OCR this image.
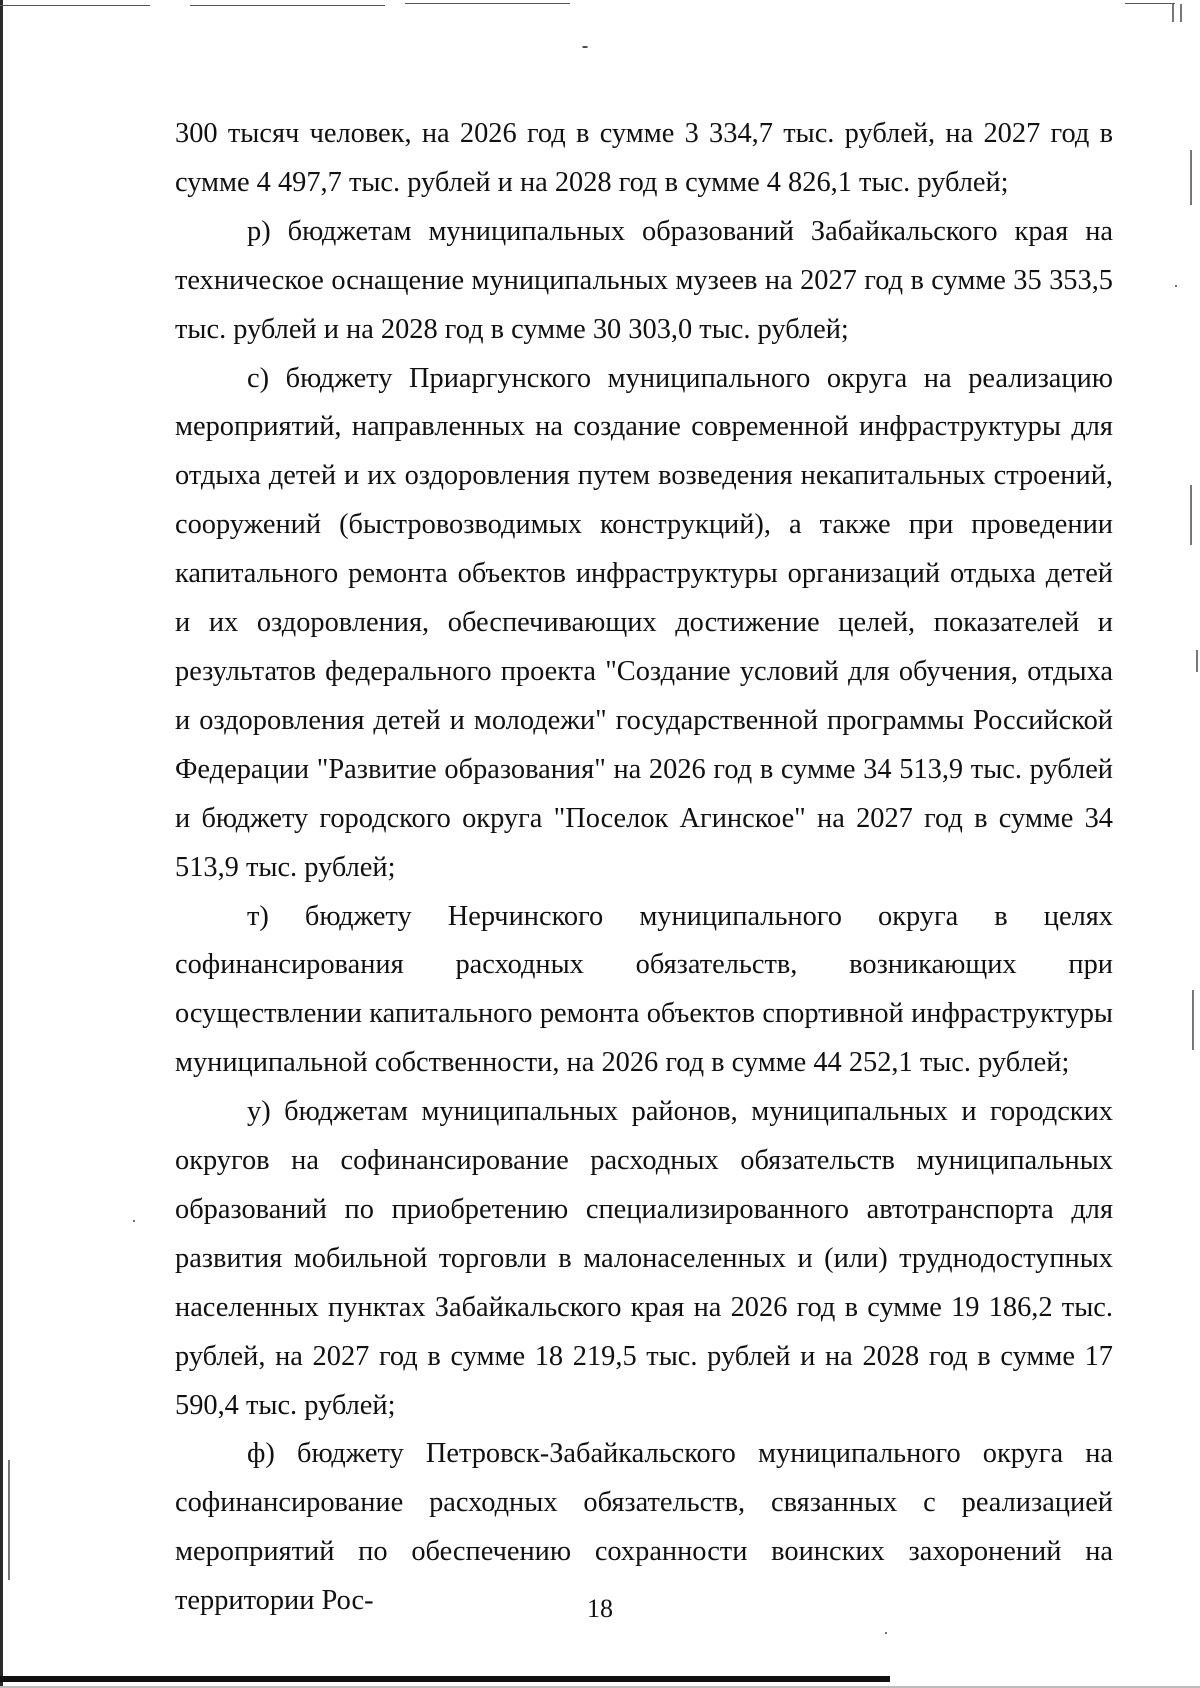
300 тысяч человек, на 2026 год в сумме 3 334,7 тыс. рублей, на 2027 год в сумме 4 497,7 тыс. рублей и на 2028 год в сумме 4 826,1 тыс. рублей;

р) бюджетам муниципальных образований Забайкальского края на техническое оснащение муниципальных музеев на 2027 год в сумме 35 353,5 тыс. рублей и на 2028 год в сумме 30 303,0 тыс. рублей;

с) бюджету Приаргунского муниципального округа на реализацию мероприятий, направленных на создание современной инфраструктуры для отдыха детей и их оздоровления путем возведения некапитальных строений, сооружений (быстровозводимых конструкций), а также при проведении капитального ремонта объектов инфраструктуры организаций отдыха детей и их оздоровления, обеспечивающих достижение целей, показателей и результатов федерального проекта "Создание условий для обучения, отдыха и оздоровления детей и молодежи" государственной программы Российской Федерации "Развитие образования" на 2026 год в сумме 34 513,9 тыс. рублей и бюджету городского округа "Поселок Агинское" на 2027 год в сумме 34 513,9 тыс. рублей;

т) бюджету Нерчинского муниципального округа в целях софинансирования расходных обязательств, возникающих при осуществлении капитального ремонта объектов спортивной инфраструктуры муниципальной собственности, на 2026 год в сумме 44 252,1 тыс. рублей;

у) бюджетам муниципальных районов, муниципальных и городских округов на софинансирование расходных обязательств муниципальных образований по приобретению специализированного автотранспорта для развития мобильной торговли в малонаселенных и (или) труднодоступных населенных пунктах Забайкальского края на 2026 год в сумме 19 186,2 тыс. рублей, на 2027 год в сумме 18 219,5 тыс. рублей и на 2028 год в сумме 17 590,4 тыс. рублей;

ф) бюджету Петровск-Забайкальского муниципального округа на софинансирование расходных обязательств, связанных с реализацией мероприятий по обеспечению сохранности воинских захоронений на территории Рос-	18
